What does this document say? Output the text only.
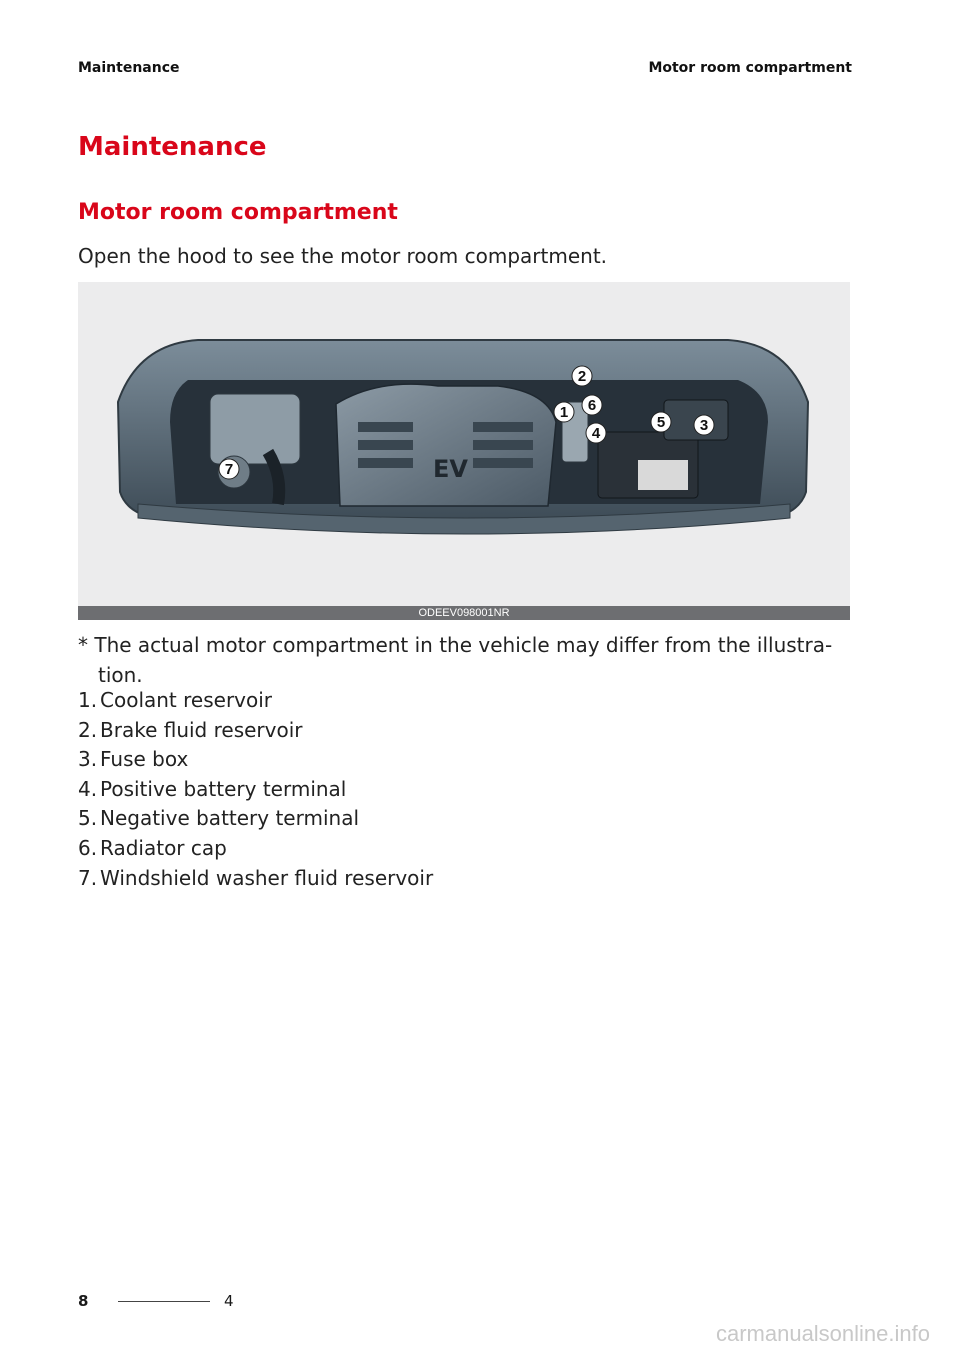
Maintenance	Motor room compartment
Maintenance
Motor room compartment

Open the hood to see the motor room compartment.

EV
1
2
3
4
5
6
7
ODEEV098001NR

* The actual motor compartment in the vehicle may differ from the illustra- tion.

1. Coolant reservoir
2. Brake fluid reservoir
3. Fuse box
4. Positive battery terminal
5. Negative battery terminal
6. Radiator cap
7. Windshield washer fluid reservoir
8	4
carmanualsonline.info
